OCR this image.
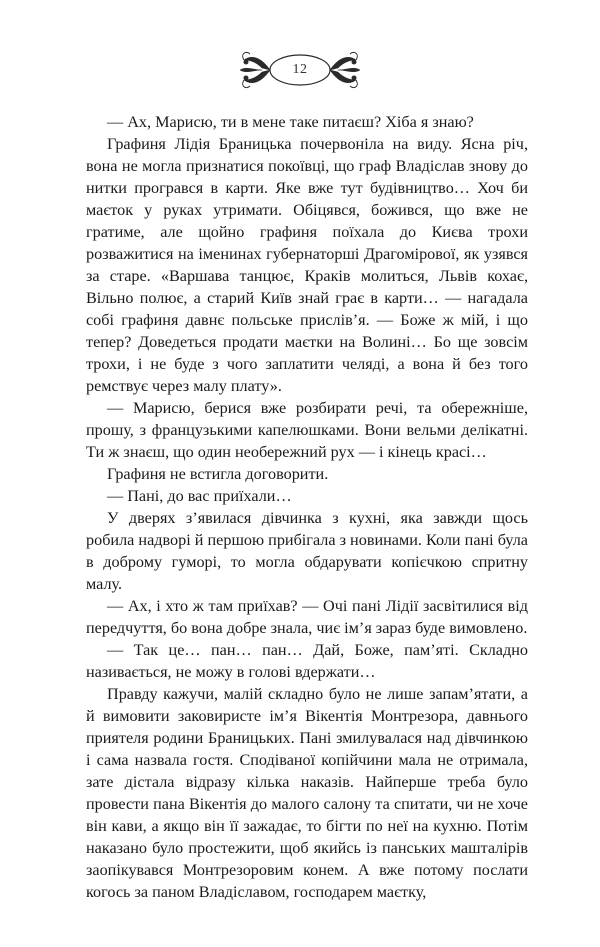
12

— Ах, Марисю, ти в мене таке питаєш? Хіба я знаю?

Графиня Лідія Браницька почервоніла на виду. Ясна річ, вона не могла признатися покоївці, що граф Владіслав знову до нитки програвся в карти. Яке вже тут будівництво… Хоч би маєток у руках утримати. Обіцявся, божився, що вже не гратиме, але щойно графиня поїхала до Києва трохи розважитися на іменинах губернаторші Драгомірової, як узявся за старе. «Варшава танцює, Краків молиться, Львів кохає, Вільно полює, а старий Київ знай грає в карти… — нагадала собі графиня давнє польське прислів’я. — Боже ж мій, і що тепер? Доведеться продати маєтки на Волині… Бо ще зовсім трохи, і не буде з чого заплатити челяді, а вона й без того ремствує через малу плату».

— Марисю, берися вже розбирати речі, та обережніше, прошу, з французькими капелюшками. Вони вельми делікатні. Ти ж знаєш, що один необережний рух — і кінець красі…

Графиня не встигла договорити.

— Пані, до вас приїхали…

У дверях з’явилася дівчинка з кухні, яка завжди щось робила надворі й першою прибігала з новинами. Коли пані була в доброму гуморі, то могла обдарувати копієчкою спритну малу.

— Ах, і хто ж там приїхав? — Очі пані Лідії засвітилися від передчуття, бо вона добре знала, чиє ім’я зараз буде вимовлено.

— Так це… пан… пан… Дай, Боже, пам’яті. Складно називається, не можу в голові вдержати…

Правду кажучи, малій складно було не лише запам’ятати, а й вимовити заковиристе ім’я Вікентія Монтрезора, давнього приятеля родини Браницьких. Пані змилувалася над дівчинкою і сама назвала гостя. Сподіваної копійчини мала не отримала, зате дістала відразу кілька наказів. Найперше треба було провести пана Вікентія до малого салону та спитати, чи не хоче він кави, а якщо він її зажадає, то бігти по неї на кухню. Потім наказано було простежити, щоб якийсь із панських машталірів заопікувався Монтрезоровим конем. А вже потому послати когось за паном Владіславом, господарем маєтку,
